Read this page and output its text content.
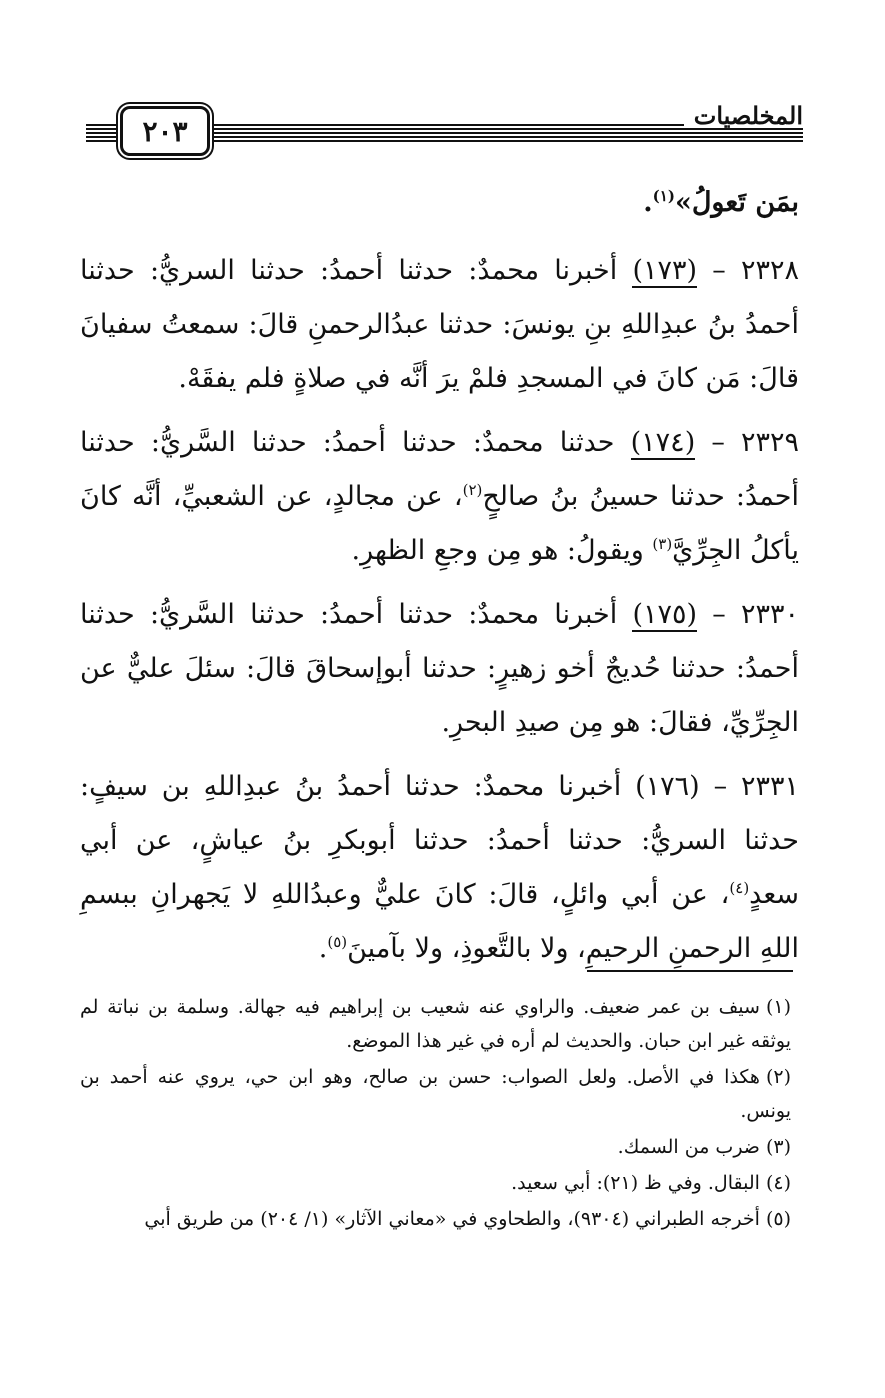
٢٠٣	المخلصيات

بمَن تَعولُ»$^{(١)}$.

٢٣٢٨ – (١٧٣) أخبرنا محمدٌ: حدثنا أحمدُ: حدثنا السريُّ: حدثنا أحمدُ بنُ عبدِاللهِ بنِ يونسَ: حدثنا عبدُالرحمنِ قالَ: سمعتُ سفيانَ قالَ: مَن كانَ في المسجدِ فلمْ يرَ أنَّه في صلاةٍ فلم يفقَهْ.

٢٣٢٩ – (١٧٤) حدثنا محمدٌ: حدثنا أحمدُ: حدثنا السَّريُّ: حدثنا أحمدُ: حدثنا حسينُ بنُ صالحٍ$^{(٢)}$، عن مجالدٍ، عن الشعبيِّ، أنَّه كانَ يأكلُ الجِرِّيَّ$^{(٣)}$ ويقولُ: هو مِن وجعِ الظهرِ.

٢٣٣٠ – (١٧٥) أخبرنا محمدٌ: حدثنا أحمدُ: حدثنا السَّريُّ: حدثنا أحمدُ: حدثنا حُديجٌ أخو زهيرٍ: حدثنا أبوإسحاقَ قالَ: سئلَ عليٌّ عن الجِرِّيِّ، فقالَ: هو مِن صيدِ البحرِ.

٢٣٣١ – (١٧٦) أخبرنا محمدٌ: حدثنا أحمدُ بنُ عبدِاللهِ بن سيفٍ: حدثنا السريُّ: حدثنا أحمدُ: حدثنا أبوبكرِ بنُ عياشٍ، عن أبي سعدٍ$^{(٤)}$، عن أبي وائلٍ، قالَ: كانَ عليٌّ وعبدُاللهِ لا يَجهرانِ ببسمِ اللهِ الرحمنِ الرحيمِ، ولا بالتَّعوذِ، ولا بآمينَ$^{(٥)}$.

(١)سيف بن عمر ضعيف. والراوي عنه شعيب بن إبراهيم فيه جهالة. وسلمة بن نباتة لم يوثقه غير ابن حبان. والحديث لم أره في غير هذا الموضع.

(٢)هكذا في الأصل. ولعل الصواب: حسن بن صالح، وهو ابن حي، يروي عنه أحمد بن يونس.

(٣)ضرب من السمك.

(٤)البقال. وفي ظ (٢١): أبي سعيد.

(٥)أخرجه الطبراني (٩٣٠٤)، والطحاوي في «معاني الآثار» (١/ ٢٠٤) من طريق أبي
